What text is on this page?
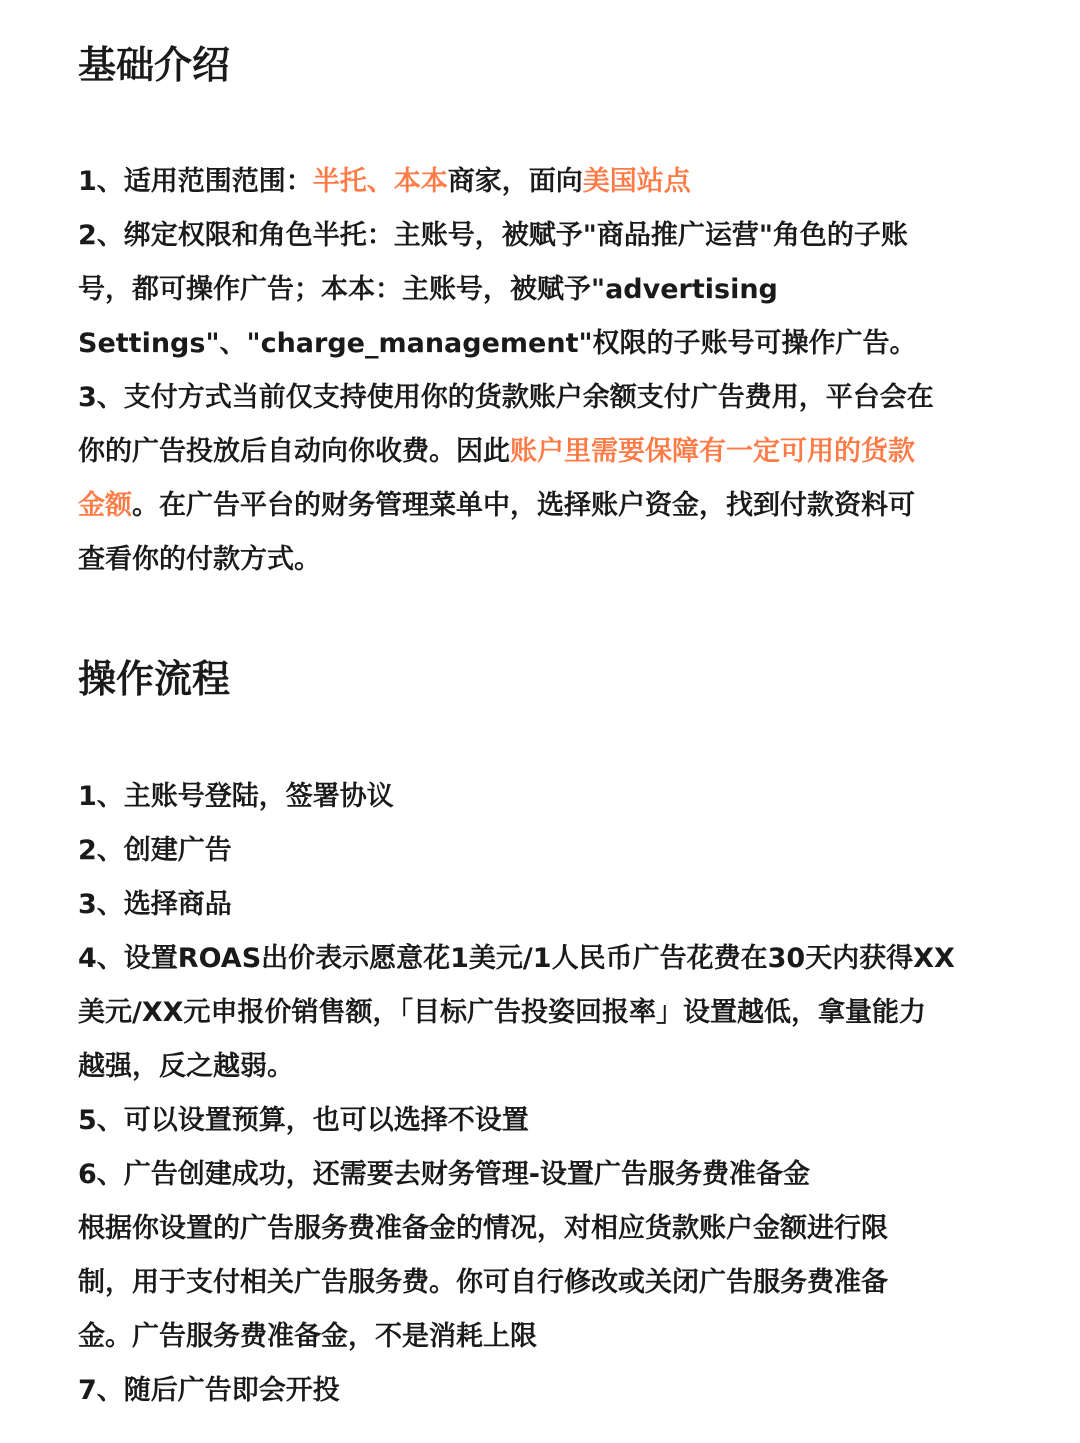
基础介绍
1、适用范围范围：半托、本本商家，面向美国站点
2、绑定权限和角色半托：主账号，被赋予"商品推广运营"角色的子账
号，都可操作广告；本本：主账号，被赋予"advertising
Settings"、"charge_management"权限的子账号可操作广告。
3、支付方式当前仅支持使用你的货款账户余额支付广告费用，平台会在
你的广告投放后自动向你收费。因此账户里需要保障有一定可用的货款
金额。在广告平台的财务管理菜单中，选择账户资金，找到付款资料可
查看你的付款方式。
操作流程
1、主账号登陆，签署协议
2、创建广告
3、选择商品
4、设置ROAS出价表示愿意花1美元/1人民币广告花费在30天内获得XX
美元/XX元申报价销售额，「目标广告投姿回报率」设置越低，拿量能力
越强，反之越弱。
5、可以设置预算，也可以选择不设置
6、广告创建成功，还需要去财务管理-设置广告服务费准备金
根据你设置的广告服务费准备金的情况，对相应货款账户金额进行限
制，用于支付相关广告服务费。你可自行修改或关闭广告服务费准备
金。广告服务费准备金，不是消耗上限
7、随后广告即会开投
